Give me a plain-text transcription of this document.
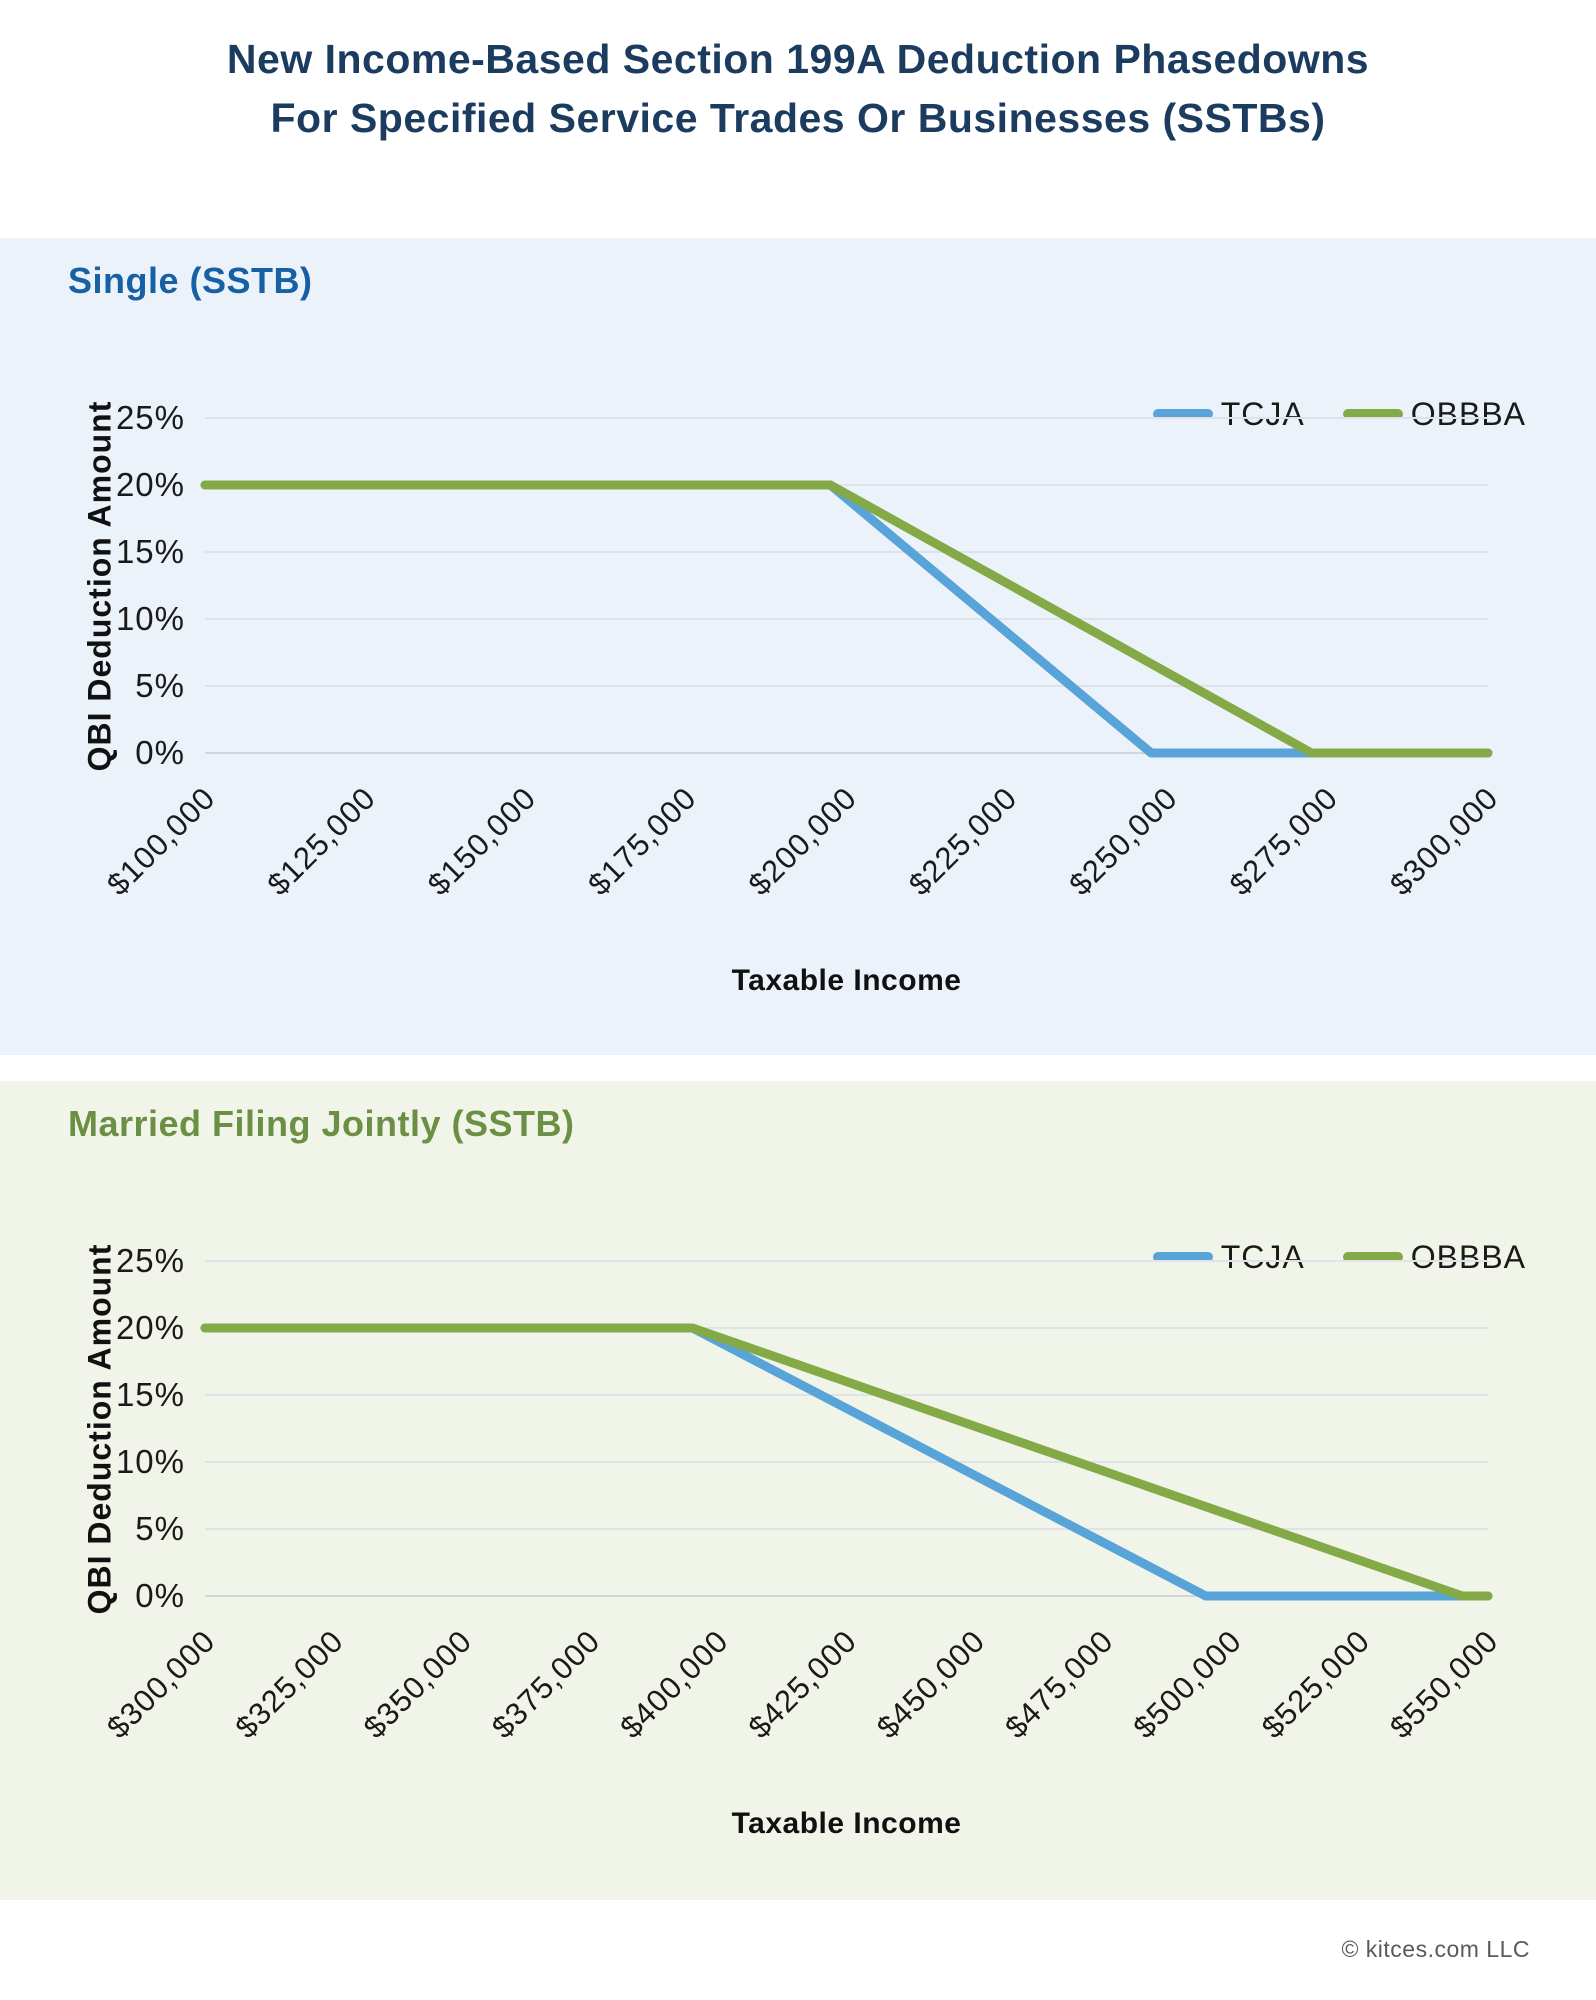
New Income-Based Section 199A Deduction Phasedowns
For Specified Service Trades Or Businesses (SSTBs)
Single (SSTB)
QBI Deduction Amount	TCJA	OBBBA
0%
5%
10%
15%
20%
25%
$100,000 $125,000 $150,000 $175,000 $200,000 $225,000 $250,000 $275,000 $300,000
Taxable Income
Married Filing Jointly (SSTB)
QBI Deduction Amount	TCJA	OBBBA
0%
5%
10%
15%
20%
25%
$300,000 $325,000 $350,000 $375,000 $400,000 $425,000 $450,000 $475,000 $500,000 $525,000 $550,000
Taxable Income
© kitces.com LLC
